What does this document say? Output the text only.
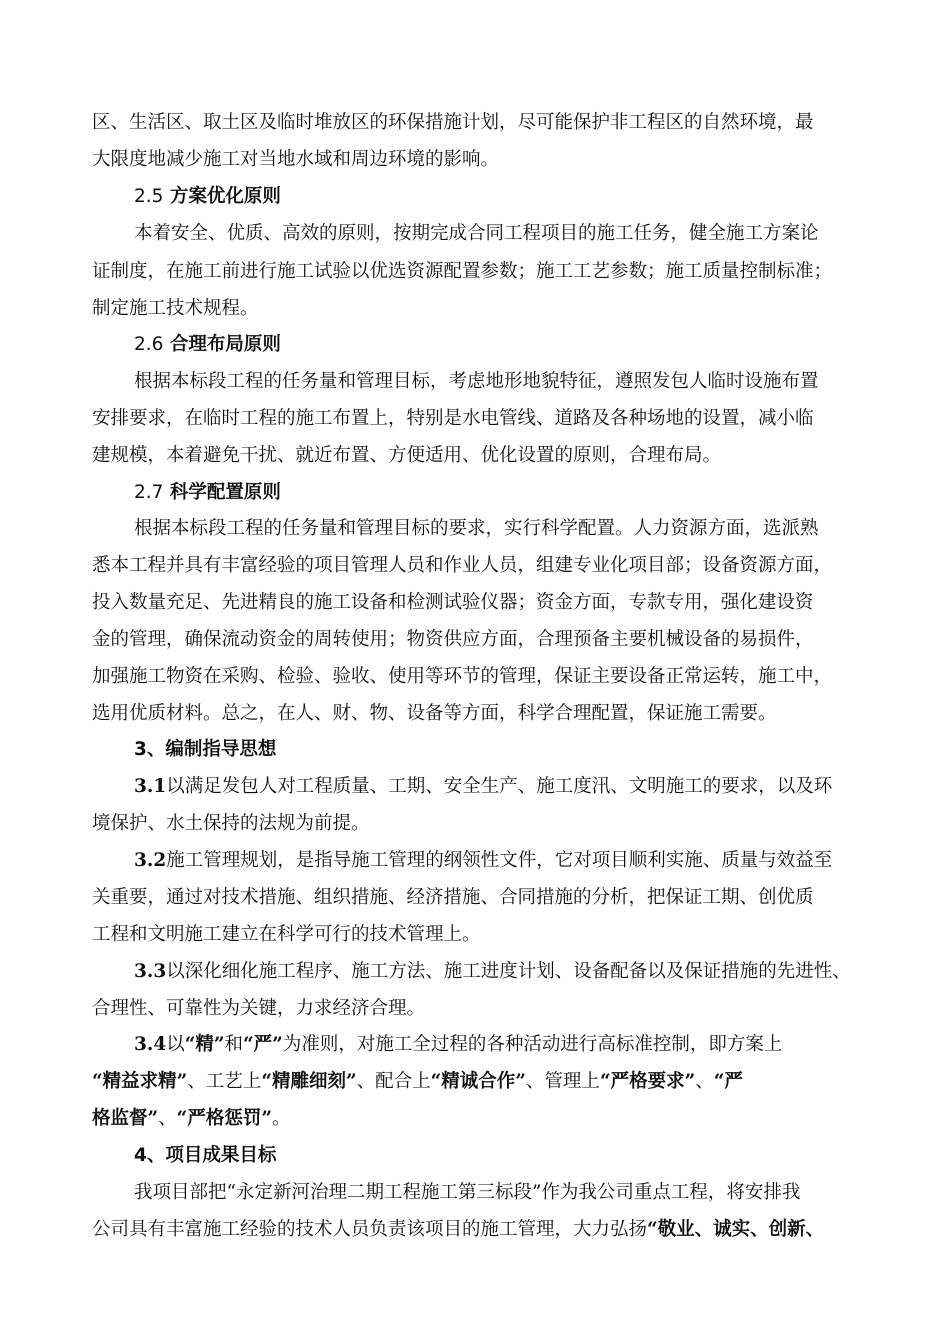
区、生活区、取土区及临时堆放区的环保措施计划，尽可能保护非工程区的自然环境，最

大限度地减少施工对当地水域和周边环境的影响。

2.5 方案优化原则

本着安全、优质、高效的原则，按期完成合同工程项目的施工任务，健全施工方案论

证制度，在施工前进行施工试验以优选资源配置参数；施工工艺参数；施工质量控制标准；

制定施工技术规程。

2.6 合理布局原则

根据本标段工程的任务量和管理目标，考虑地形地貌特征，遵照发包人临时设施布置

安排要求，在临时工程的施工布置上，特别是水电管线、道路及各种场地的设置，减小临

建规模，本着避免干扰、就近布置、方便适用、优化设置的原则，合理布局。

2.7 科学配置原则

根据本标段工程的任务量和管理目标的要求，实行科学配置。人力资源方面，选派熟

悉本工程并具有丰富经验的项目管理人员和作业人员，组建专业化项目部；设备资源方面，

投入数量充足、先进精良的施工设备和检测试验仪器；资金方面，专款专用，强化建设资

金的管理，确保流动资金的周转使用；物资供应方面，合理预备主要机械设备的易损件，

加强施工物资在采购、检验、验收、使用等环节的管理，保证主要设备正常运转，施工中，

选用优质材料。总之，在人、财、物、设备等方面，科学合理配置，保证施工需要。

3、编制指导思想

3.1以满足发包人对工程质量、工期、安全生产、施工度汛、文明施工的要求，以及环

境保护、水土保持的法规为前提。

3.2施工管理规划，是指导施工管理的纲领性文件，它对项目顺利实施、质量与效益至

关重要，通过对技术措施、组织措施、经济措施、合同措施的分析，把保证工期、创优质

工程和文明施工建立在科学可行的技术管理上。

3.3以深化细化施工程序、施工方法、施工进度计划、设备配备以及保证措施的先进性、

合理性、可靠性为关键，力求经济合理。

3.4以“精”和“严”为准则，对施工全过程的各种活动进行高标准控制，即方案上

“精益求精”、工艺上“精雕细刻”、配合上“精诚合作”、管理上“严格要求”、“严

格监督”、“严格惩罚”。

4、项目成果目标

我项目部把“永定新河治理二期工程施工第三标段”作为我公司重点工程，将安排我

公司具有丰富施工经验的技术人员负责该项目的施工管理，大力弘扬“敬业、诚实、创新、
